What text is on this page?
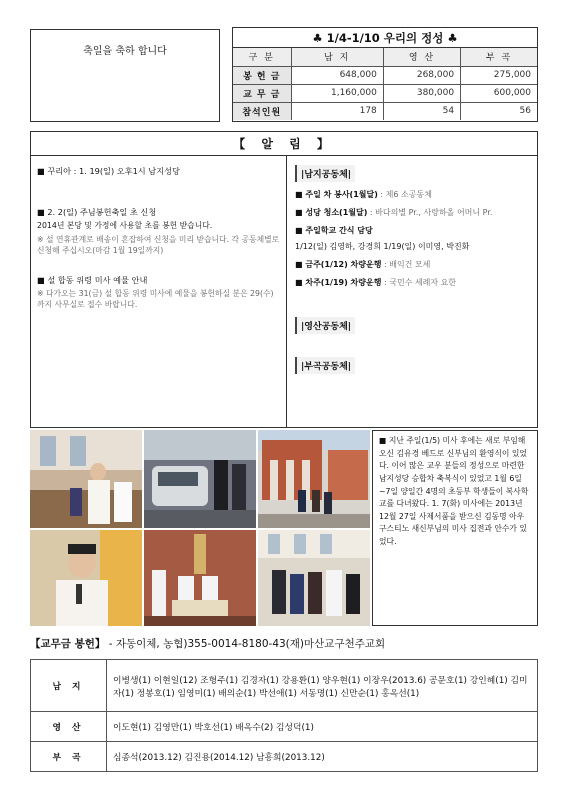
축일을 축하 합니다
♣ 1/4-1/10 우리의 정성 ♣
구 분	남 지	영 산	부 곡
봉 헌 금	648,000	268,000	275,000
교 무 금	1,160,000	380,000	600,000
참석인원	178	54	56
【 알 림 】
■ 꾸리아 : 1. 19(일) 오후1시 남지성당
■ 2. 2(일) 주님봉헌축일 초 신청
2014년 본당 및 가정에 사용할 초를 봉헌 받습니다.
※ 설 연휴관계로 배송이 혼잡하여 신청을 미리 받습니다. 각 공동체별로 신청해 주십시오(마감 1월 19일까지)
■ 설 합동 위령 미사 예물 안내
※ 다가오는 31(금) 설 합동 위령 미사에 예물을 봉헌하실 분은 29(수)까지 사무실로 접수 바랍니다.
|남지공동체|
■ 주일 차 봉사(1월달) : 제6 소공동체
■ 성당 청소(1월달) : 바다의별 Pr., 사랑하올 어머니 Pr.
■ 주일학교 간식 담당
1/12(일) 김영하, 강경희 1/19(일) 이미영, 박진화
■ 금주(1/12) 차량운행 : 배익건 모세
■ 차주(1/19) 차량운행 : 국민수 세례자 요한
|영산공동체|
|부곡공동체|
■ 지난 주일(1/5) 미사 후에는 새로 부임해 오신 김유경 베드로 신부님의 환영식이 있었다. 이어 많은 교우 분들의 정성으로 마련한 남지성당 승합차 축복식이 있었고 1월 6일~7일 양일간 4명의 초등부 학생들이 복사학교를 다녀왔다. 1. 7(화) 미사에는 2013년 12월 27일 사제서품을 받으신 김동명 아우구스티노 새신부님의 미사 집전과 안수가 있었다.
【교무금 봉헌】 - 자동이체, 농협)355-0014-8180-43(재)마산교구천주교회
남 지	이병생(1) 이현일(12) 조형주(1) 김경자(1) 강용환(1) 양우현(1) 이장우(2013.6) 공문호(1) 강인혜(1) 김미자(1) 정봉호(1) 임영미(1) 배의순(1) 박선애(1) 서동명(1) 신만순(1) 홍옥선(1)
영 산	이도현(1) 김영만(1) 박호선(1) 배옥수(2) 김성덕(1)
부 곡	심종석(2013.12) 김진용(2014.12) 남흥희(2013.12)
